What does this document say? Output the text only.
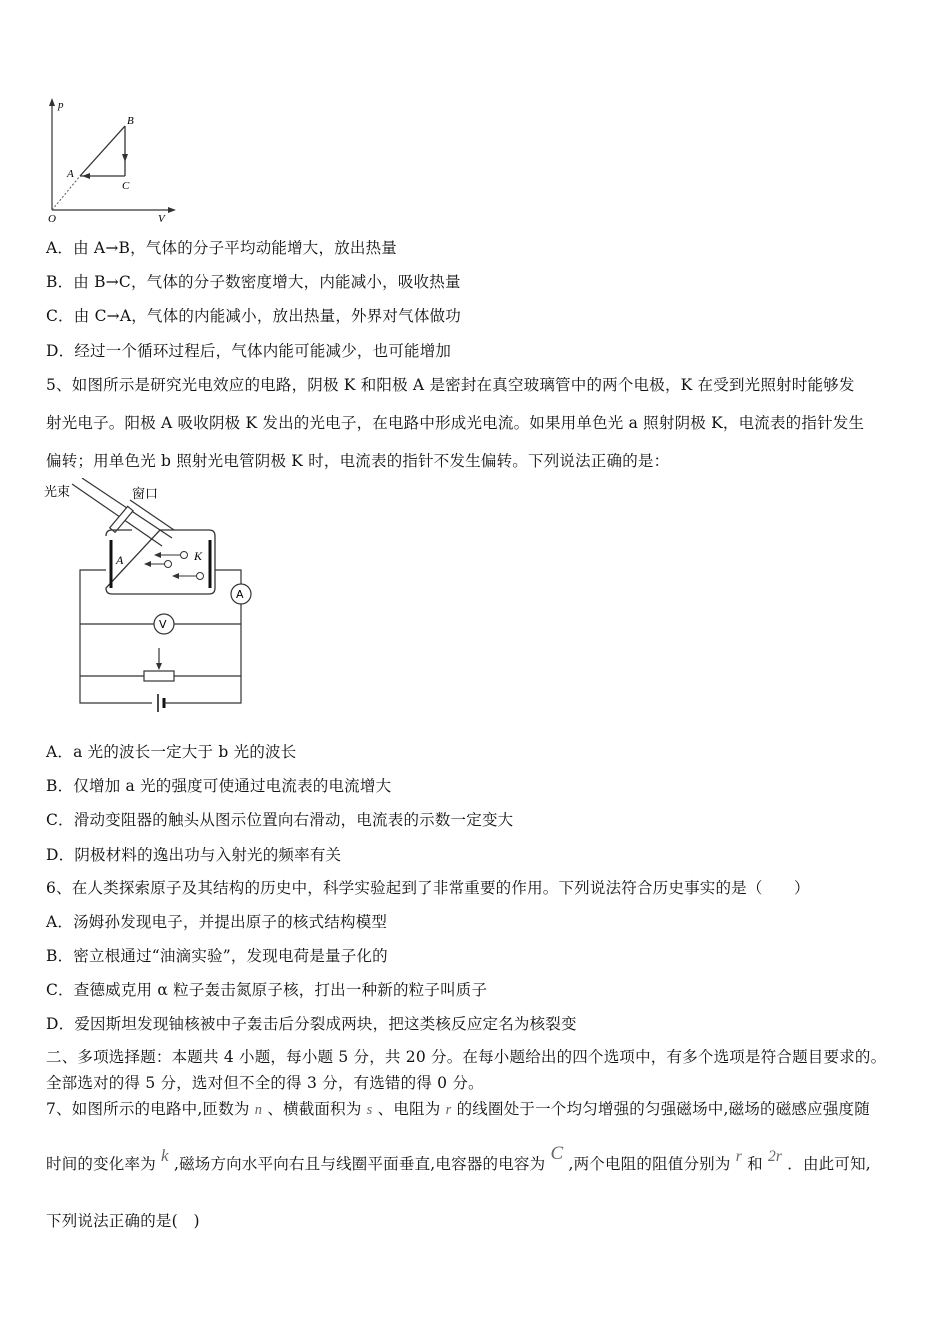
p
V
O
A
B
C
A．由 A→B，气体的分子平均动能增大，放出热量
B．由 B→C，气体的分子数密度增大，内能减小，吸收热量
C．由 C→A，气体的内能减小，放出热量，外界对气体做功
D．经过一个循环过程后，气体内能可能减少，也可能增加
5、如图所示是研究光电效应的电路，阴极 K 和阳极 A 是密封在真空玻璃管中的两个电极，K 在受到光照射时能够发
射光电子。阳极 A 吸收阴极 K 发出的光电子，在电路中形成光电流。如果用单色光 a 照射阴极 K，电流表的指针发生
偏转；用单色光 b 照射光电管阴极 K 时，电流表的指针不发生偏转。下列说法正确的是：
光束	窗口
A	K
A
V
A．a 光的波长一定大于 b 光的波长
B．仅增加 a 光的强度可使通过电流表的电流增大
C．滑动变阻器的触头从图示位置向右滑动，电流表的示数一定变大
D．阴极材料的逸出功与入射光的频率有关
6、在人类探索原子及其结构的历史中，科学实验起到了非常重要的作用。下列说法符合历史事实的是（　　）
A．汤姆孙发现电子，并提出原子的核式结构模型
B．密立根通过“油滴实验”，发现电荷是量子化的
C．查德威克用 α 粒子轰击氮原子核，打出一种新的粒子叫质子
D．爱因斯坦发现铀核被中子轰击后分裂成两块，把这类核反应定名为核裂变
二、多项选择题：本题共 4 小题，每小题 5 分，共 20 分。在每小题给出的四个选项中，有多个选项是符合题目要求的。
全部选对的得 5 分，选对但不全的得 3 分，有选错的得 0 分。
7、如图所示的电路中,匝数为 n 、横截面积为 s 、电阻为 r 的线圈处于一个均匀增强的匀强磁场中,磁场的磁感应强度随
时间的变化率为 k ,磁场方向水平向右且与线圈平面垂直,电容器的电容为 C ,两个电阻的阻值分别为 r 和 2r ．由此可知,
下列说法正确的是(　)
